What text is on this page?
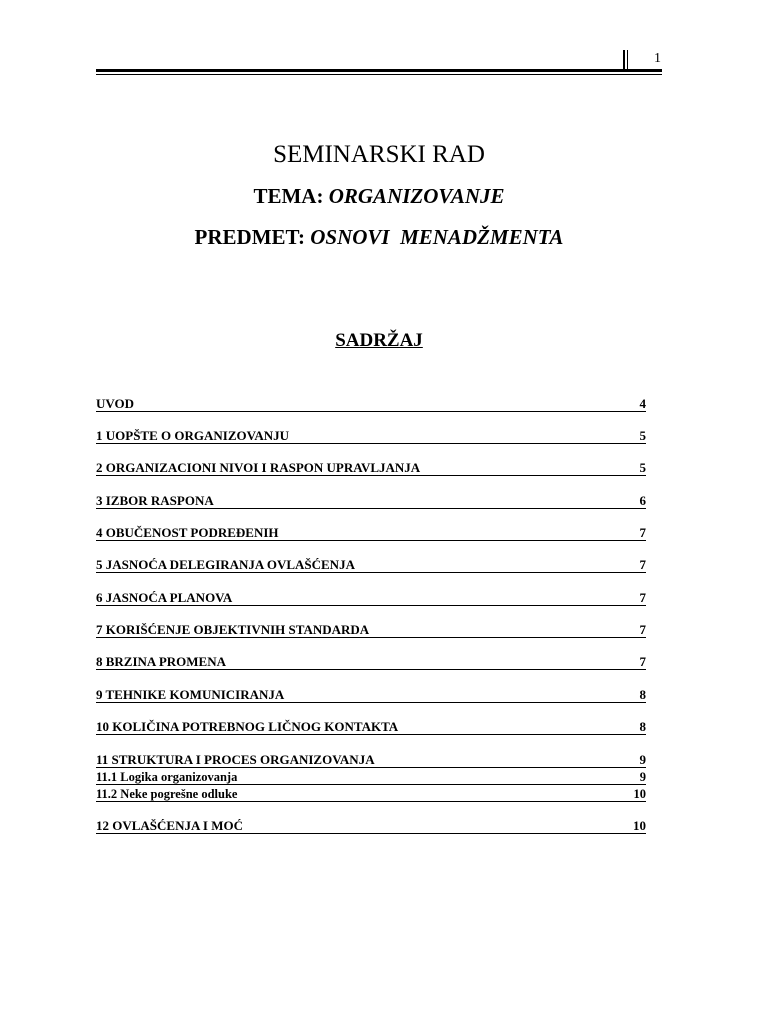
1
SEMINARSKI RAD
TEMA: ORGANIZOVANJE
PREDMET: OSNOVI  MENADŽMENTA
SADRŽAJ
UVOD	4
1 UOPŠTE O ORGANIZOVANJU	5
2 ORGANIZACIONI NIVOI I RASPON UPRAVLJANJA	5
3 IZBOR RASPONA	6
4 OBUČENOST PODREĐENIH	7
5 JASNOĆA DELEGIRANJA OVLAŠĆENJA	7
6 JASNOĆA PLANOVA	7
7 KORIŠĆENJE OBJEKTIVNIH STANDARDA	7
8 BRZINA PROMENA	7
9 TEHNIKE KOMUNICIRANJA	8
10 KOLIČINA POTREBNOG LIČNOG KONTAKTA	8
11 STRUKTURA I PROCES ORGANIZOVANJA	9
11.1 Logika organizovanja	9
11.2 Neke pogrešne odluke	10
12 OVLAŠĆENJA I MOĆ	10
